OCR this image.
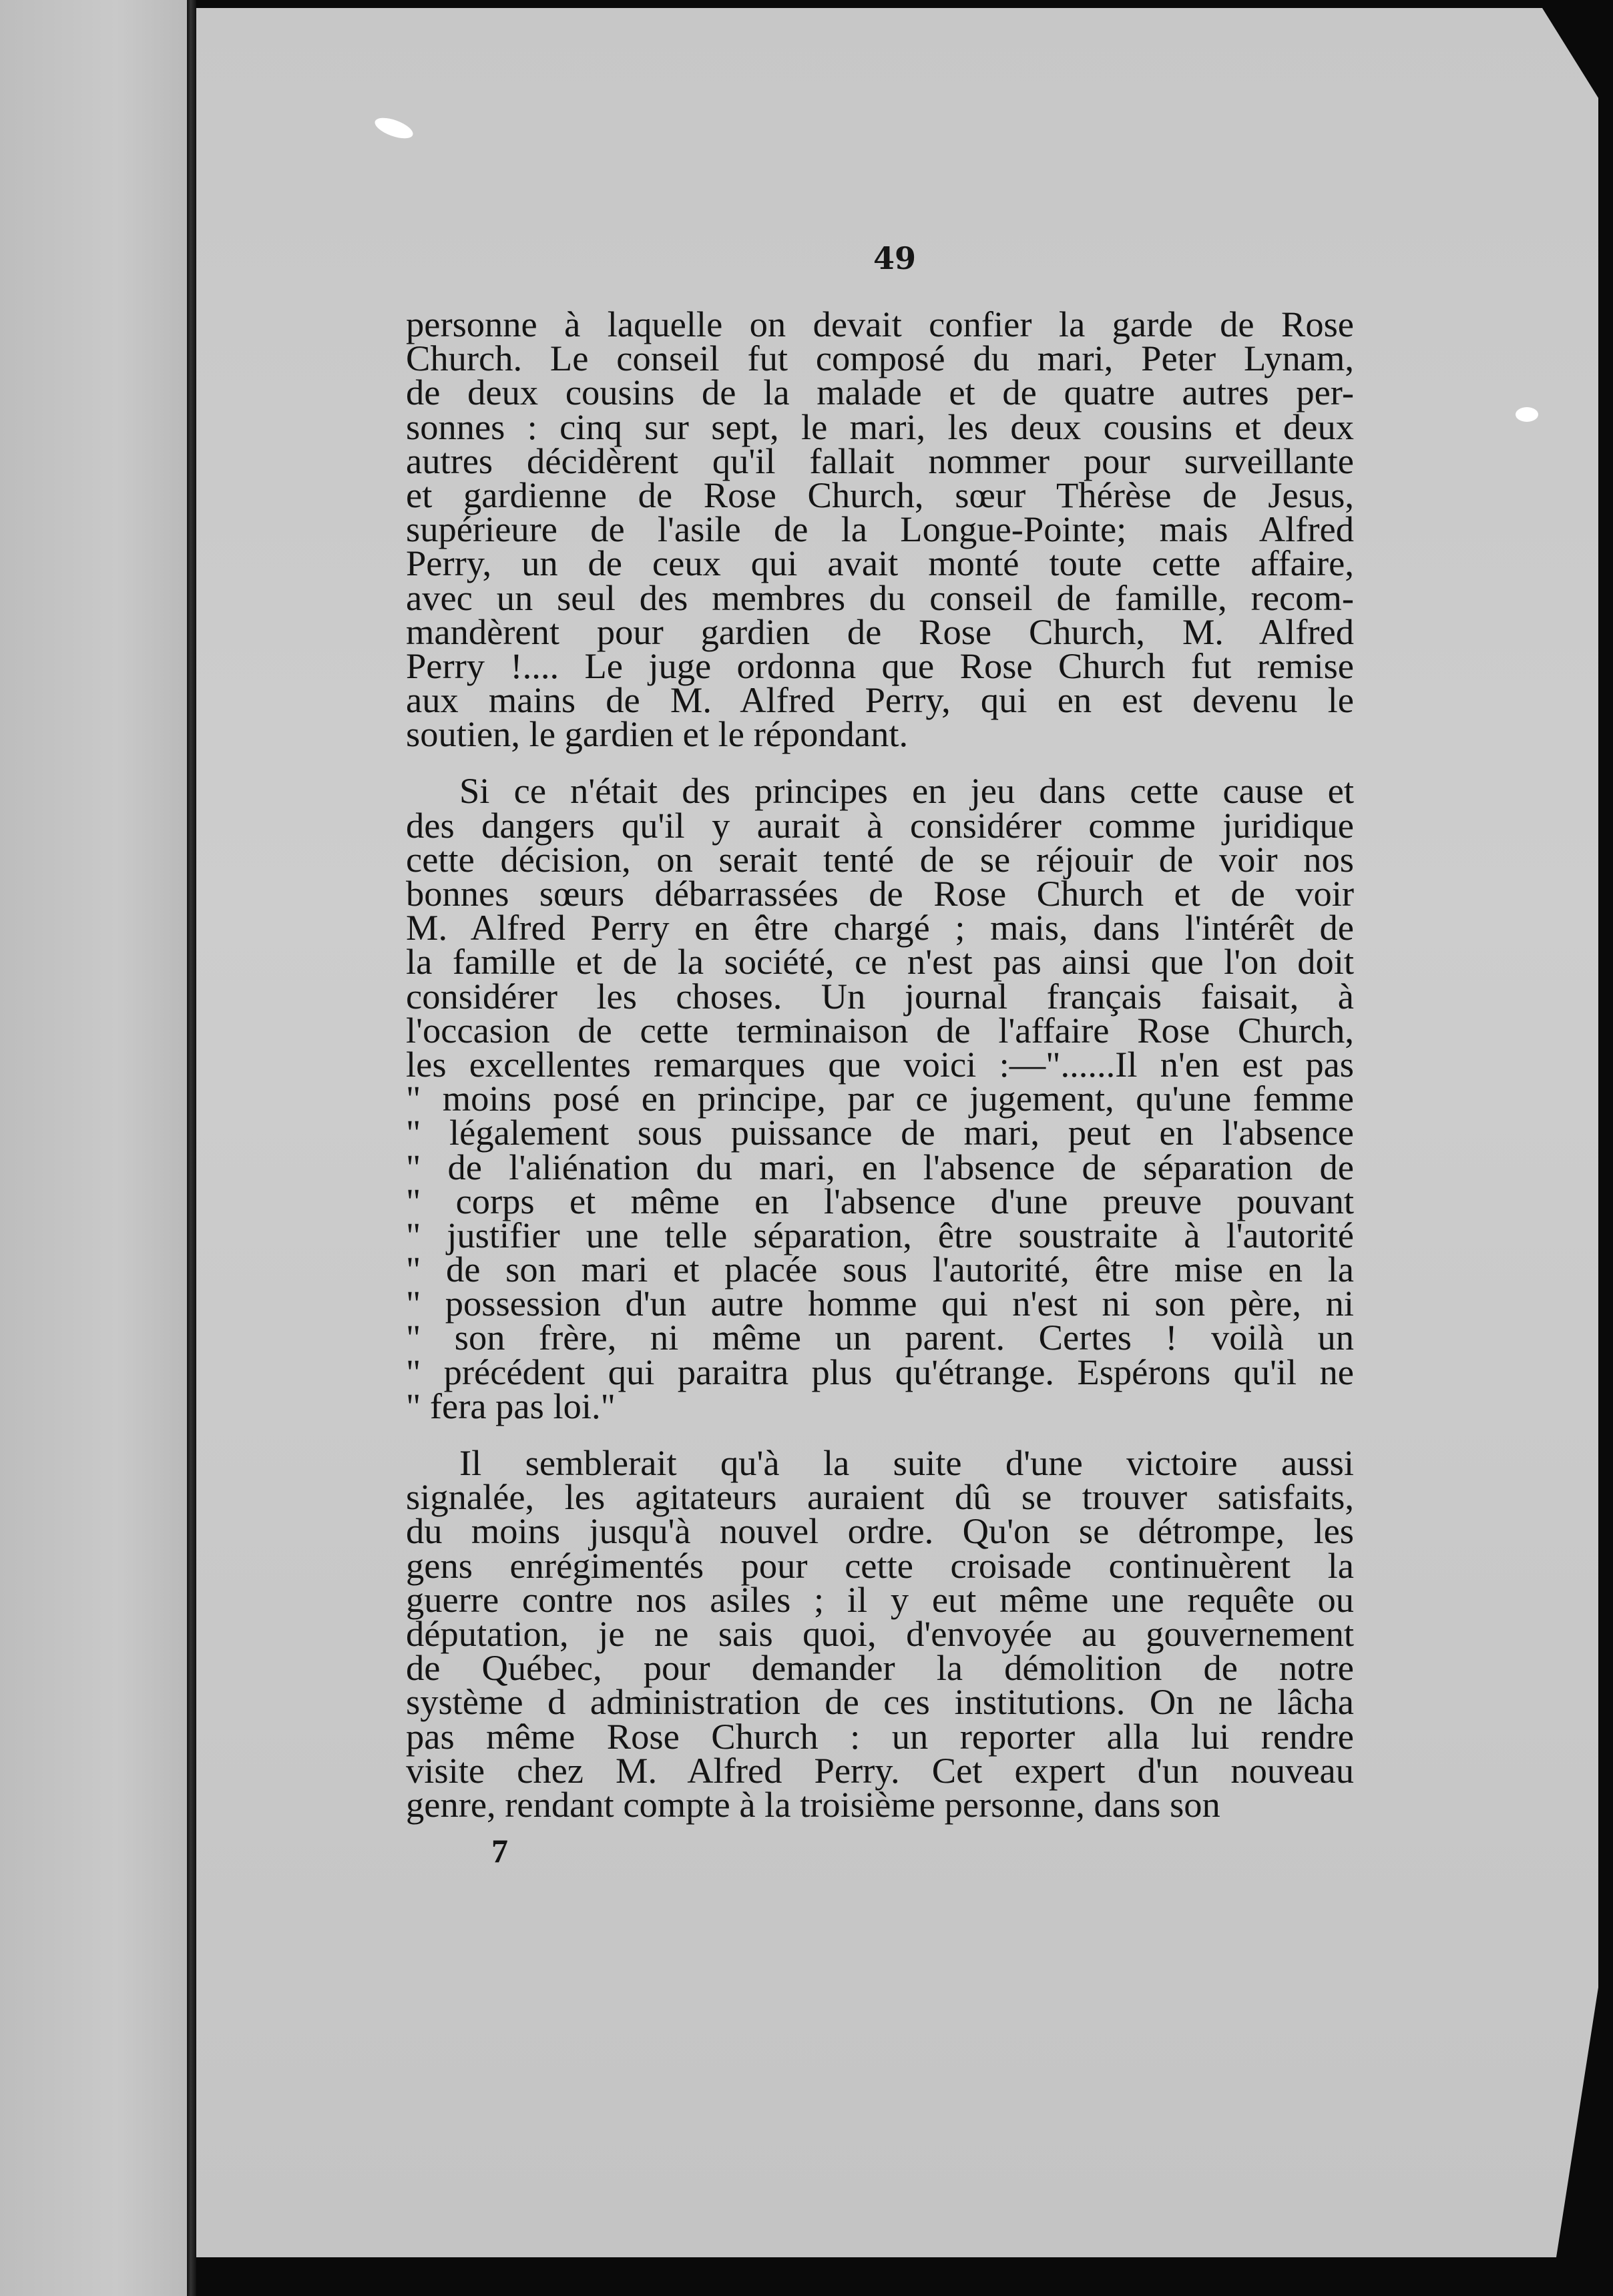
49
personne à laquelle on devait confier la garde de Rose
Church. Le conseil fut composé du mari, Peter Lynam,
de deux cousins de la malade et de quatre autres per-
sonnes : cinq sur sept, le mari, les deux cousins et deux
autres décidèrent qu'il fallait nommer pour surveillante
et gardienne de Rose Church, sœur Thérèse de Jesus,
supérieure de l'asile de la Longue-Pointe; mais Alfred
Perry, un de ceux qui avait monté toute cette affaire,
avec un seul des membres du conseil de famille, recom-
mandèrent pour gardien de Rose Church, M. Alfred
Perry !.... Le juge ordonna que Rose Church fut remise
aux mains de M. Alfred Perry, qui en est devenu le
soutien, le gardien et le répondant.
Si ce n'était des principes en jeu dans cette cause et
des dangers qu'il y aurait à considérer comme juridique
cette décision, on serait tenté de se réjouir de voir nos
bonnes sœurs débarrassées de Rose Church et de voir
M. Alfred Perry en être chargé ; mais, dans l'intérêt de
la famille et de la société, ce n'est pas ainsi que l'on doit
considérer les choses. Un journal français faisait, à
l'occasion de cette terminaison de l'affaire Rose Church,
les excellentes remarques que voici :—"......Il n'en est pas
" moins posé en principe, par ce jugement, qu'une femme
" légalement sous puissance de mari, peut en l'absence
" de l'aliénation du mari, en l'absence de séparation de
" corps et même en l'absence d'une preuve pouvant
" justifier une telle séparation, être soustraite à l'autorité
" de son mari et placée sous l'autorité, être mise en la
" possession d'un autre homme qui n'est ni son père, ni
" son frère, ni même un parent. Certes ! voilà un
" précédent qui paraitra plus qu'étrange. Espérons qu'il ne
" fera pas loi."
Il semblerait qu'à la suite d'une victoire aussi
signalée, les agitateurs auraient dû se trouver satisfaits,
du moins jusqu'à nouvel ordre. Qu'on se détrompe, les
gens enrégimentés pour cette croisade continuèrent la
guerre contre nos asiles ; il y eut même une requête ou
députation, je ne sais quoi, d'envoyée au gouvernement
de Québec, pour demander la démolition de notre
système d administration de ces institutions. On ne lâcha
pas même Rose Church : un reporter alla lui rendre
visite chez M. Alfred Perry. Cet expert d'un nouveau
genre, rendant compte à la troisième personne, dans son
7
